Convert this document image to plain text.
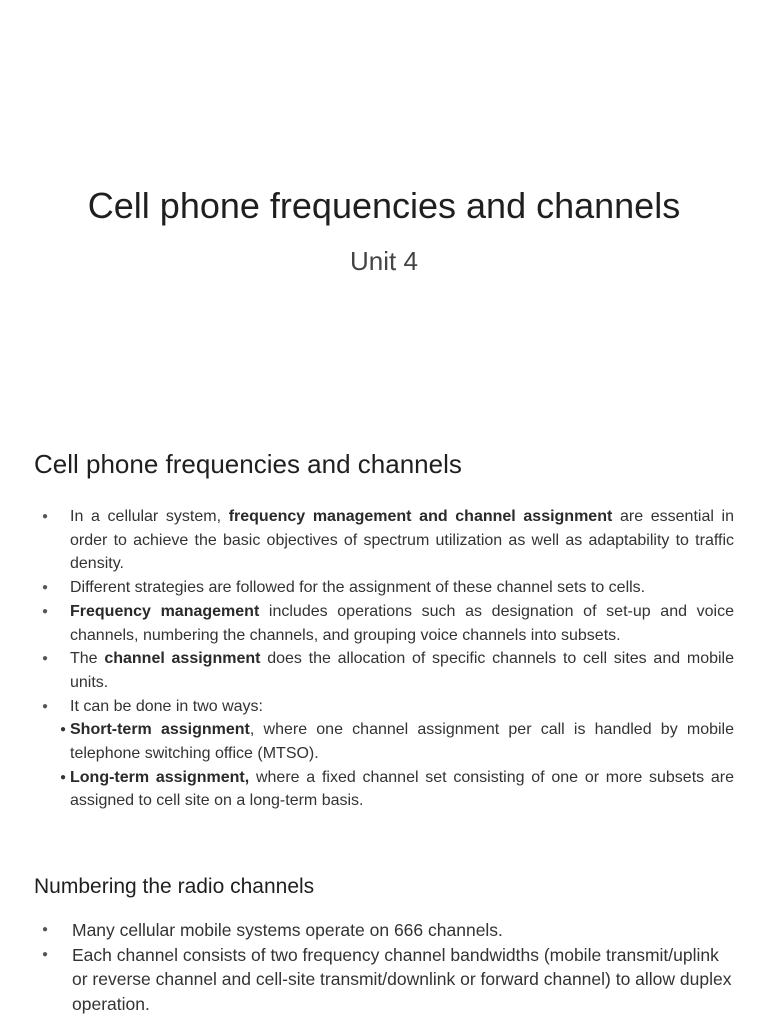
Cell phone frequencies and channels
Unit 4
Cell phone frequencies and channels
● In a cellular system, frequency management and channel assignment are essential in order to achieve the basic objectives of spectrum utilization as well as adaptability to traffic density.
● Different strategies are followed for the assignment of these channel sets to cells.
● Frequency management includes operations such as designation of set-up and voice channels, numbering the channels, and grouping voice channels into subsets.
● The channel assignment does the allocation of specific channels to cell sites and mobile units.
● It can be done in two ways:
● Short-term assignment, where one channel assignment per call is handled by mobile telephone switching office (MTSO).
● Long-term assignment, where a fixed channel set consisting of one or more subsets are assigned to cell site on a long-term basis.
Numbering the radio channels
● Many cellular mobile systems operate on 666 channels.
● Each channel consists of two frequency channel bandwidths (mobile transmit/uplink or reverse channel and cell-site transmit/downlink or forward channel) to allow duplex operation.
